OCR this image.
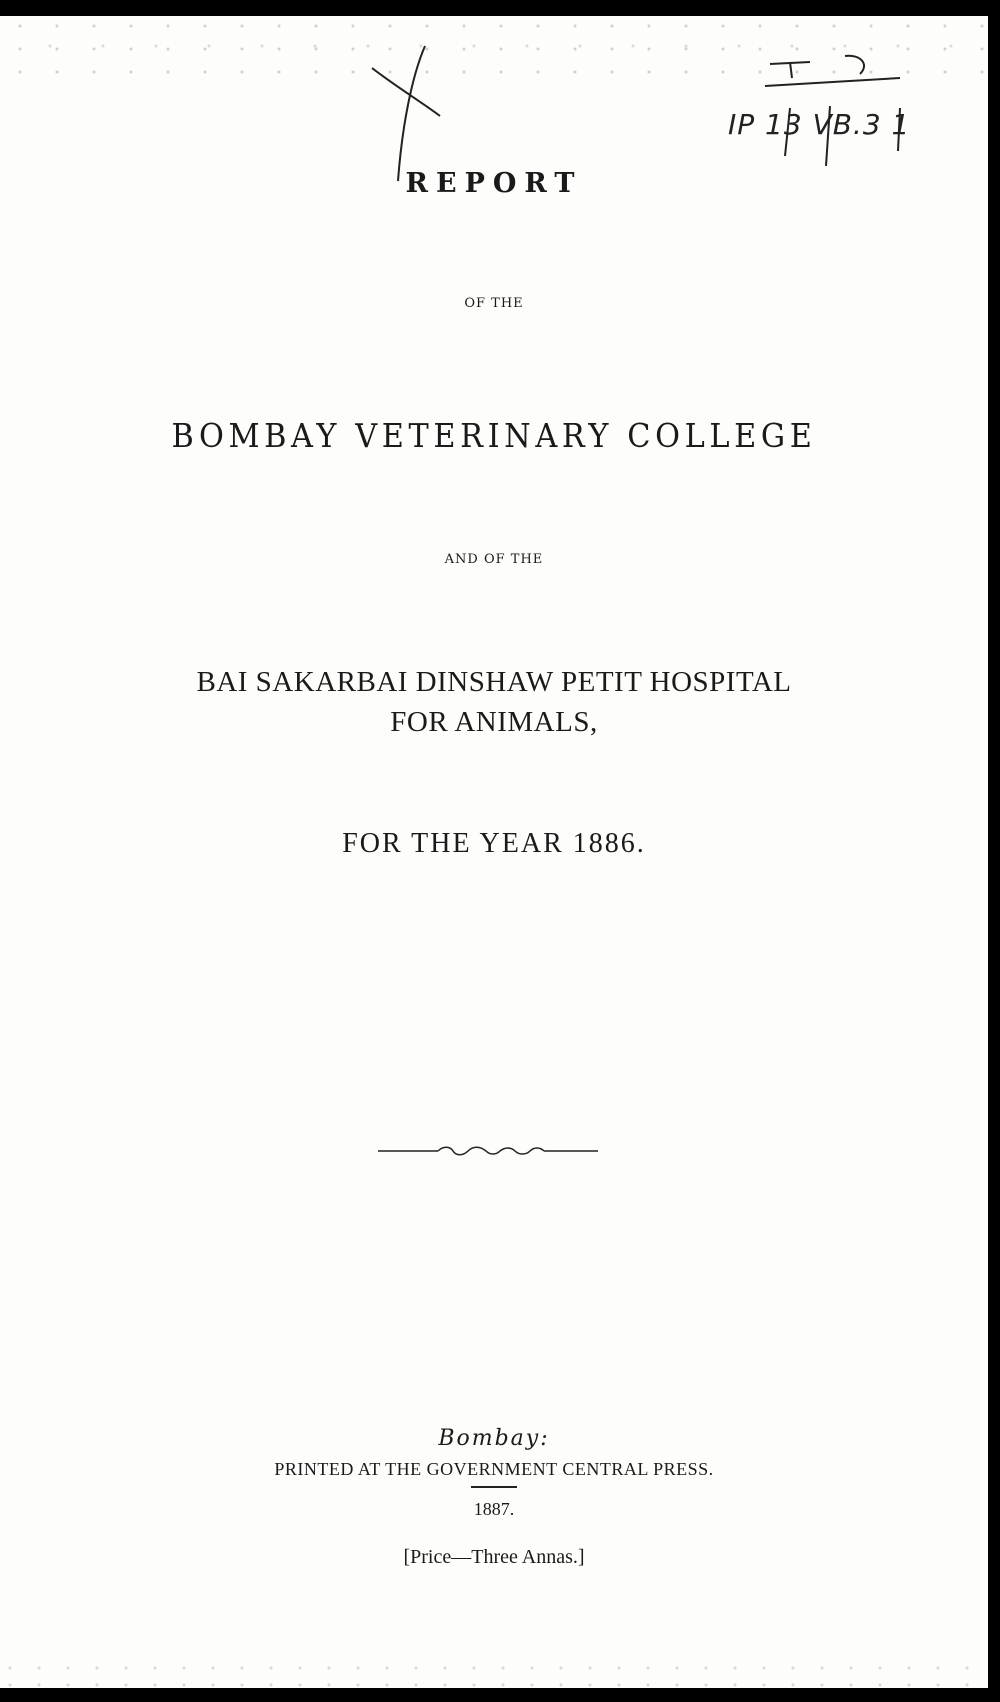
IP 13 VB.3 1
REPORT
OF THE
BOMBAY VETERINARY COLLEGE
AND OF THE
BAI SAKARBAI DINSHAW PETIT HOSPITAL
FOR ANIMALS,
FOR THE YEAR 1886.
Bombay:
PRINTED AT THE GOVERNMENT CENTRAL PRESS.
1887.
[Price—Three Annas.]
